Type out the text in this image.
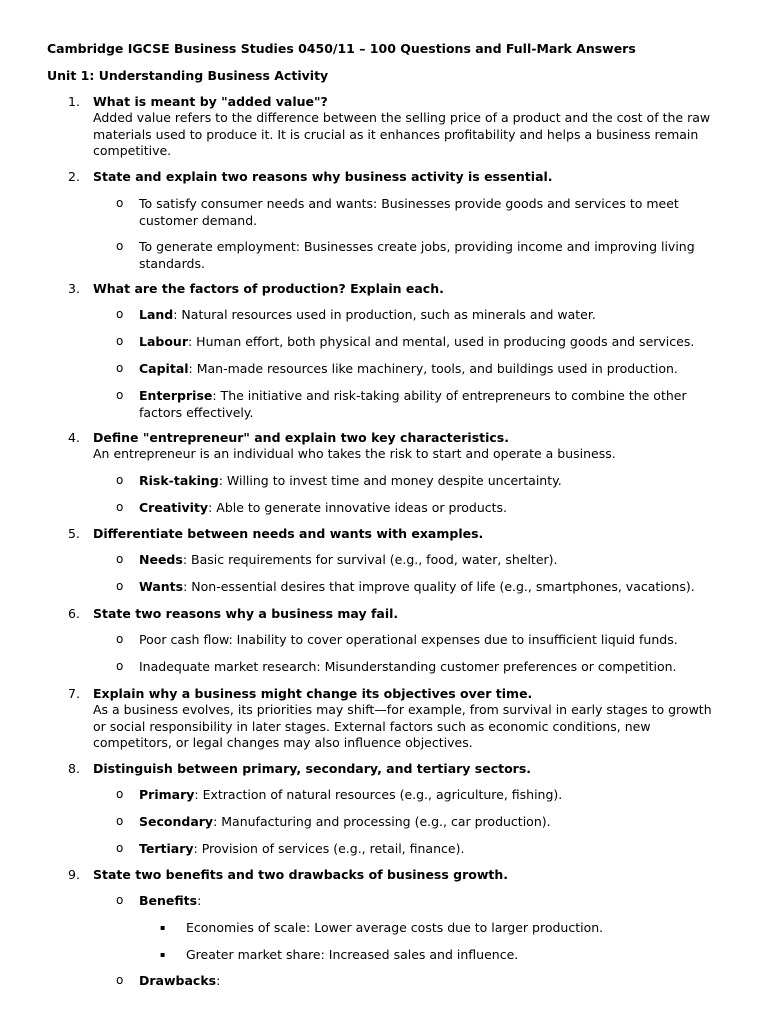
Cambridge IGCSE Business Studies 0450/11 – 100 Questions and Full-Mark Answers
Unit 1: Understanding Business Activity
1.	What is meant by "added value"?
Added value refers to the difference between the selling price of a product and the cost of the raw materials used to produce it. It is crucial as it enhances profitability and helps a business remain competitive.
2.	State and explain two reasons why business activity is essential.
o To satisfy consumer needs and wants: Businesses provide goods and services to meet customer demand.
o To generate employment: Businesses create jobs, providing income and improving living standards.
3.	What are the factors of production? Explain each.
o Land: Natural resources used in production, such as minerals and water.
o Labour: Human effort, both physical and mental, used in producing goods and services.
o Capital: Man-made resources like machinery, tools, and buildings used in production.
o Enterprise: The initiative and risk-taking ability of entrepreneurs to combine the other factors effectively.
4.	Define "entrepreneur" and explain two key characteristics.
An entrepreneur is an individual who takes the risk to start and operate a business.
o Risk-taking: Willing to invest time and money despite uncertainty.
o Creativity: Able to generate innovative ideas or products.
5.	Differentiate between needs and wants with examples.
o Needs: Basic requirements for survival (e.g., food, water, shelter).
o Wants: Non-essential desires that improve quality of life (e.g., smartphones, vacations).
6.	State two reasons why a business may fail.
o Poor cash flow: Inability to cover operational expenses due to insufficient liquid funds.
o Inadequate market research: Misunderstanding customer preferences or competition.
7.	Explain why a business might change its objectives over time.
As a business evolves, its priorities may shift—for example, from survival in early stages to growth or social responsibility in later stages. External factors such as economic conditions, new competitors, or legal changes may also influence objectives.
8.	Distinguish between primary, secondary, and tertiary sectors.
o Primary: Extraction of natural resources (e.g., agriculture, fishing).
o Secondary: Manufacturing and processing (e.g., car production).
o Tertiary: Provision of services (e.g., retail, finance).
9.	State two benefits and two drawbacks of business growth.
o Benefits:
▪ Economies of scale: Lower average costs due to larger production.
▪ Greater market share: Increased sales and influence.
o Drawbacks:
